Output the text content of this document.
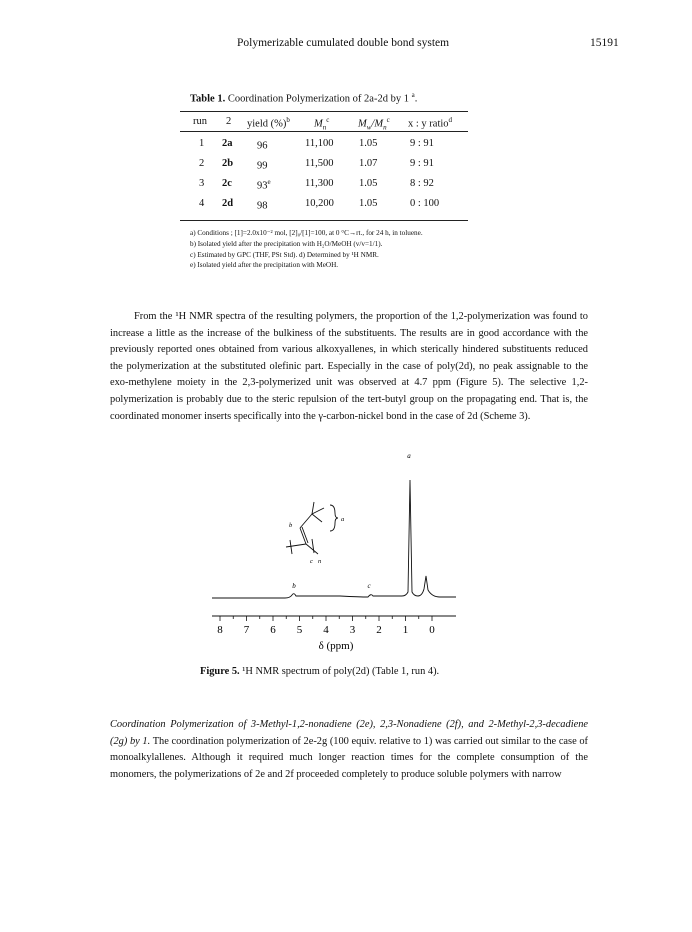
Polymerizable cumulated double bond system	15191
Table 1. Coordination Polymerization of 2a-2d by 1 $^a$.
run 2 yield (%)$^b$ $M_n^c$	$M_w/M_n^c$ x : y ratio$^d$
1 2a 96	11,100 1.05	9 : 91
2 2b 99	11,500 1.07	9 : 91
3 2c 93e	11,300 1.05	8 : 92
4 2d 98	10,200 1.05	0 : 100
a) Conditions ; [1]=2.0x10⁻² mol, [2]₀/[1]=100, at 0 °C→rt., for 24 h, in toluene.
b) Isolated yield after the precipitation with H₂O/MeOH (v/v=1/1).
c) Estimated by GPC (THF, PSt Std). d) Determined by ¹H NMR.
e) Isolated yield after the precipitation with MeOH.

From the ¹H NMR spectra of the resulting polymers, the proportion of the 1,2-polymerization was found to increase a little as the increase of the bulkiness of the substituents. The results are in good accordance with the previously reported ones obtained from various alkoxyallenes, in which sterically hindered substituents reduced the polymerization at the substituted olefinic part. Especially in the case of poly(2d), no peak assignable to the exo-methylene moiety in the 2,3-polymerized unit was observed at 4.7 ppm (Figure 5). The selective 1,2-polymerization is probably due to the steric repulsion of the tert-butyl group on the propagating end. That is, the coordinated monomer inserts specifically into the γ-carbon-nickel bond in the case of 2d (Scheme 3).

8 7 6 5 4 3 2 1 0
δ (ppm)
a
b	c
b
a
c n
Figure 5. ¹H NMR spectrum of poly(2d) (Table 1, run 4).
Coordination Polymerization of 3-Methyl-1,2-nonadiene (2e), 2,3-Nonadiene (2f), and 2-Methyl-2,3-decadiene (2g) by 1. The coordination polymerization of 2e-2g (100 equiv. relative to 1) was carried out similar to the case of monoalkylallenes. Although it required much longer reaction times for the complete consumption of the monomers, the polymerizations of 2e and 2f proceeded completely to produce soluble polymers with narrow
